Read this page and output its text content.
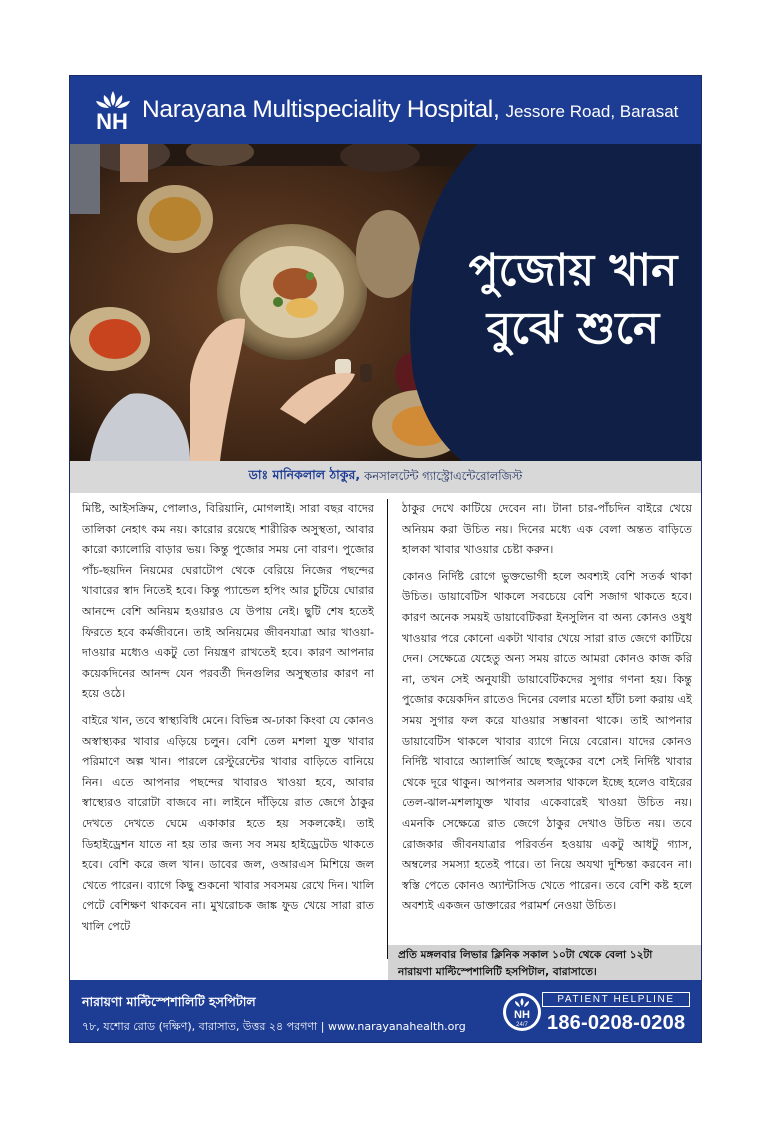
NH Narayana Multispeciality Hospital, Jessore Road, Barasat
পুজোয় খান
বুঝে শুনে
ডাঃ মানিকলাল ঠাকুর, কনসালটেন্ট গ্যাস্ট্রোএন্টেরোলজিস্ট

মিষ্টি, আইসক্রিম, পোলাও, বিরিয়ানি, মোগলাই। সারা বছর বাদের তালিকা নেহাৎ কম নয়। কারোর রয়েছে শারীরিক অসুস্থতা, আবার কারো ক্যালোরি বাড়ার ভয়। কিন্তু পুজোর সময় নো বারণ। পুজোর পাঁচ-ছয়দিন নিয়মের ঘেরাটোপ থেকে বেরিয়ে নিজের পছন্দের খাবারের স্বাদ নিতেই হবে। কিন্তু প্যান্ডেল হপিং আর চুটিয়ে ঘোরার আনন্দে বেশি অনিয়ম হওয়ারও যে উপায় নেই। ছুটি শেষ হতেই ফিরতে হবে কর্মজীবনে। তাই অনিয়মের জীবনযাত্রা আর খাওয়া-দাওয়ার মধ্যেও একটু তো নিয়ন্ত্রণ রাখতেই হবে। কারণ আপনার কয়েকদিনের আনন্দ যেন পরবর্তী দিনগুলির অসুস্থতার কারণ না হয়ে ওঠে।

বাইরে খান, তবে স্বাস্থ্যবিধি মেনে। বিভিন্ন অ-ঢাকা কিংবা যে কোনও অস্বাস্থ্যকর খাবার এড়িয়ে চলুন। বেশি তেল মশলা যুক্ত খাবার পরিমাণে অল্প খান। পারলে রেস্টুরেন্টের খাবার বাড়িতে বানিয়ে নিন। এতে আপনার পছন্দের খাবারও খাওয়া হবে, আবার স্বাস্থ্যেরও বারোটা বাজবে না। লাইনে দাঁড়িয়ে রাত জেগে ঠাকুর দেখতে দেখতে ঘেমে একাকার হতে হয় সকলকেই। তাই ডিহাইড্রেশন যাতে না হয় তার জন্য সব সময় হাইড্রেটেড থাকতে হবে। বেশি করে জল খান। ডাবের জল, ওআরএস মিশিয়ে জল খেতে পারেন। ব্যাগে কিছু শুকনো খাবার সবসময় রেখে দিন। খালি পেটে বেশিক্ষণ থাকবেন না। মুখরোচক জাঙ্ক ফুড খেয়ে সারা রাত খালি পেটে

ঠাকুর দেখে কাটিয়ে দেবেন না। টানা চার-পাঁচদিন বাইরে খেয়ে অনিয়ম করা উচিত নয়। দিনের মধ্যে এক বেলা অন্তত বাড়িতে হালকা খাবার খাওয়ার চেষ্টা করুন।

কোনও নির্দিষ্ট রোগে ভুক্তভোগী হলে অবশ্যই বেশি সতর্ক থাকা উচিত। ডায়াবেটিস থাকলে সবচেয়ে বেশি সজাগ থাকতে হবে। কারণ অনেক সময়ই ডায়াবেটিকরা ইনসুলিন বা অন্য কোনও ওষুধ খাওয়ার পরে কোনো একটা খাবার খেয়ে সারা রাত জেগে কাটিয়ে দেন। সেক্ষেত্রে যেহেতু অন্য সময় রাতে আমরা কোনও কাজ করি না, তখন সেই অনুযায়ী ডায়াবেটিকদের সুগার গণনা হয়। কিন্তু পুজোর কয়েকদিন রাতেও দিনের বেলার মতো হাঁটা চলা করায় এই সময় সুগার ফল করে যাওয়ার সম্ভাবনা থাকে। তাই আপনার ডায়াবেটিস থাকলে খাবার ব্যাগে নিয়ে বেরোন। যাদের কোনও নির্দিষ্ট খাবারে অ্যালার্জি আছে হুজুকের বশে সেই নির্দিষ্ট খাবার থেকে দূরে থাকুন। আপনার অলসার থাকলে ইচ্ছে হলেও বাইরের তেল-ঝাল-মশলাযুক্ত খাবার একেবারেই খাওয়া উচিত নয়। এমনকি সেক্ষেত্রে রাত জেগে ঠাকুর দেখাও উচিত নয়। তবে রোজকার জীবনযাত্রার পরিবর্তন হওয়ায় একটু আধটু গ্যাস, অম্বলের সমস্যা হতেই পারে। তা নিয়ে অযথা দুশ্চিন্তা করবেন না। স্বস্তি পেতে কোনও অ্যান্টাসিড খেতে পারেন। তবে বেশি কষ্ট হলে অবশ্যই একজন ডাক্তারের পরামর্শ নেওয়া উচিত।

প্রতি মঙ্গলবার লিভার ক্লিনিক সকাল ১০টা থেকে বেলা ১২টা
নারায়ণা মাল্টিস্পেশালিটি হসপিটাল, বারাসাতে।
নারায়ণা মাল্টিস্পেশালিটি হসপিটাল
৭৮, যশোর রোড (দক্ষিণ), বারাসাত, উত্তর ২৪ পরগণা | www.narayanahealth.org
NH
24/7
PATIENT HELPLINE
186-0208-0208
